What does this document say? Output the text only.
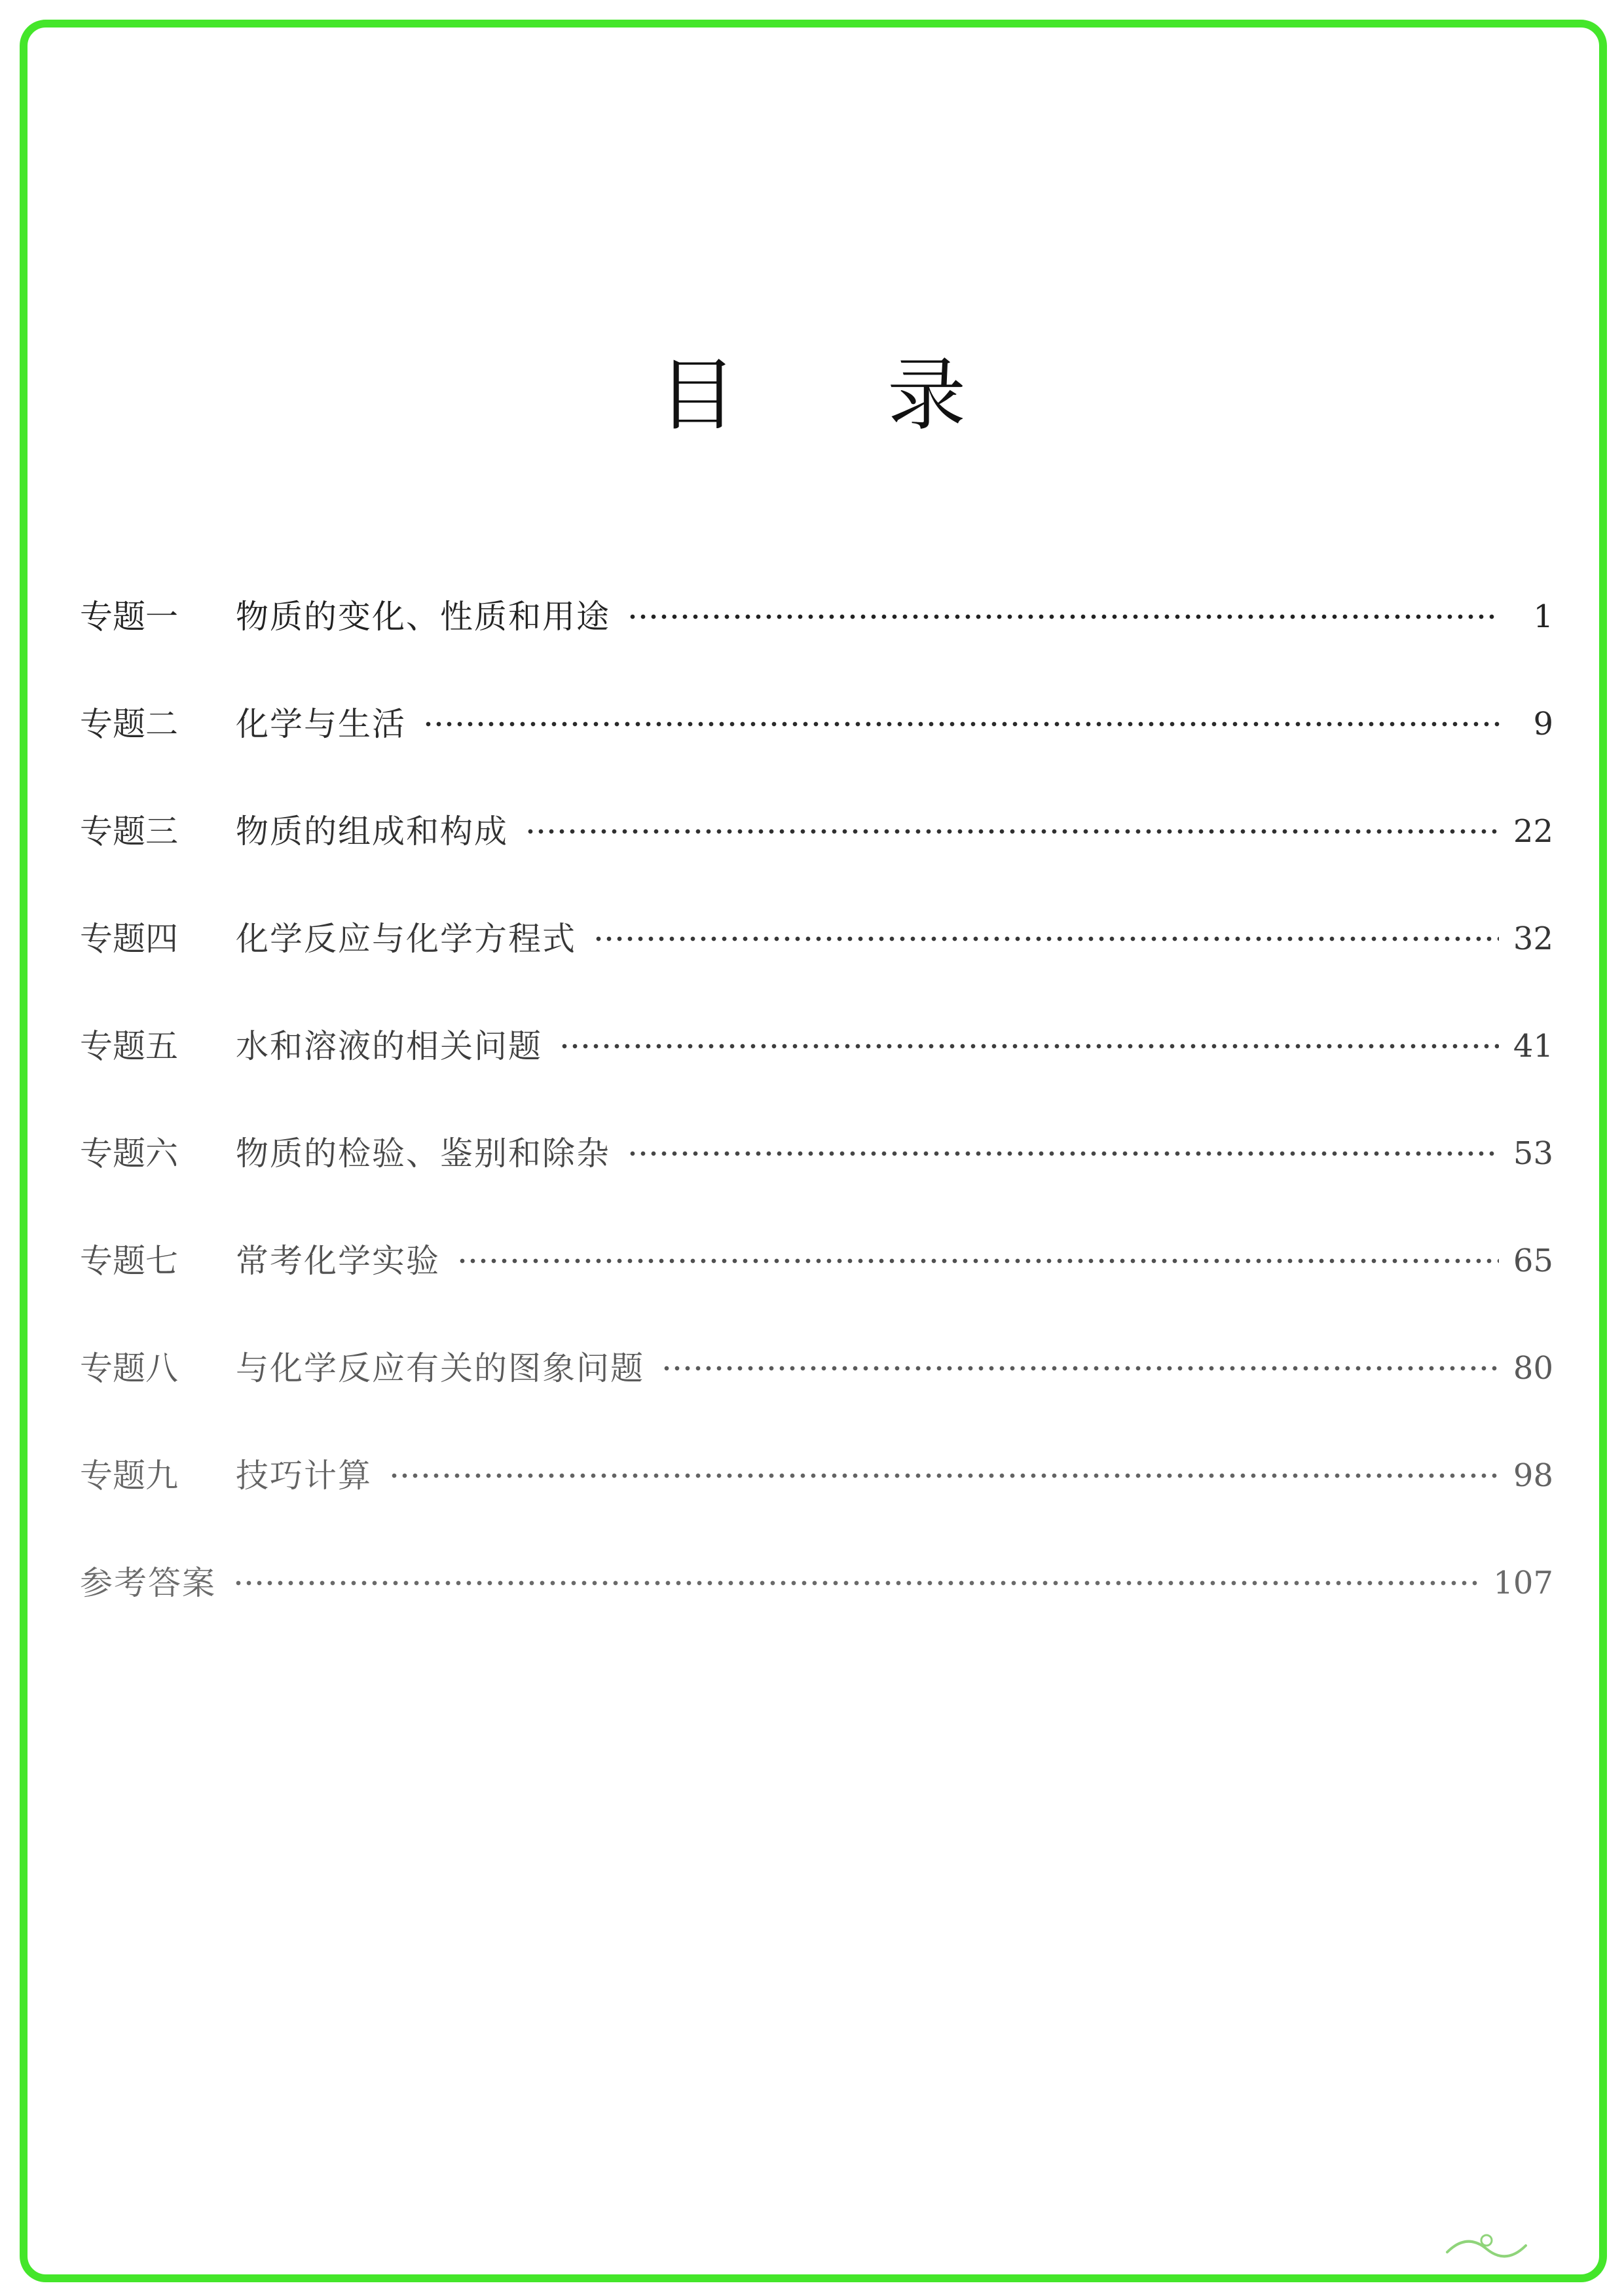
目 录
专题一	物质的变化、性质和用途	1
专题二	化学与生活	9
专题三	物质的组成和构成	22
专题四	化学反应与化学方程式	32
专题五	水和溶液的相关问题	41
专题六	物质的检验、鉴别和除杂	53
专题七	常考化学实验	65
专题八	与化学反应有关的图象问题	80
专题九	技巧计算	98
参考答案	107
